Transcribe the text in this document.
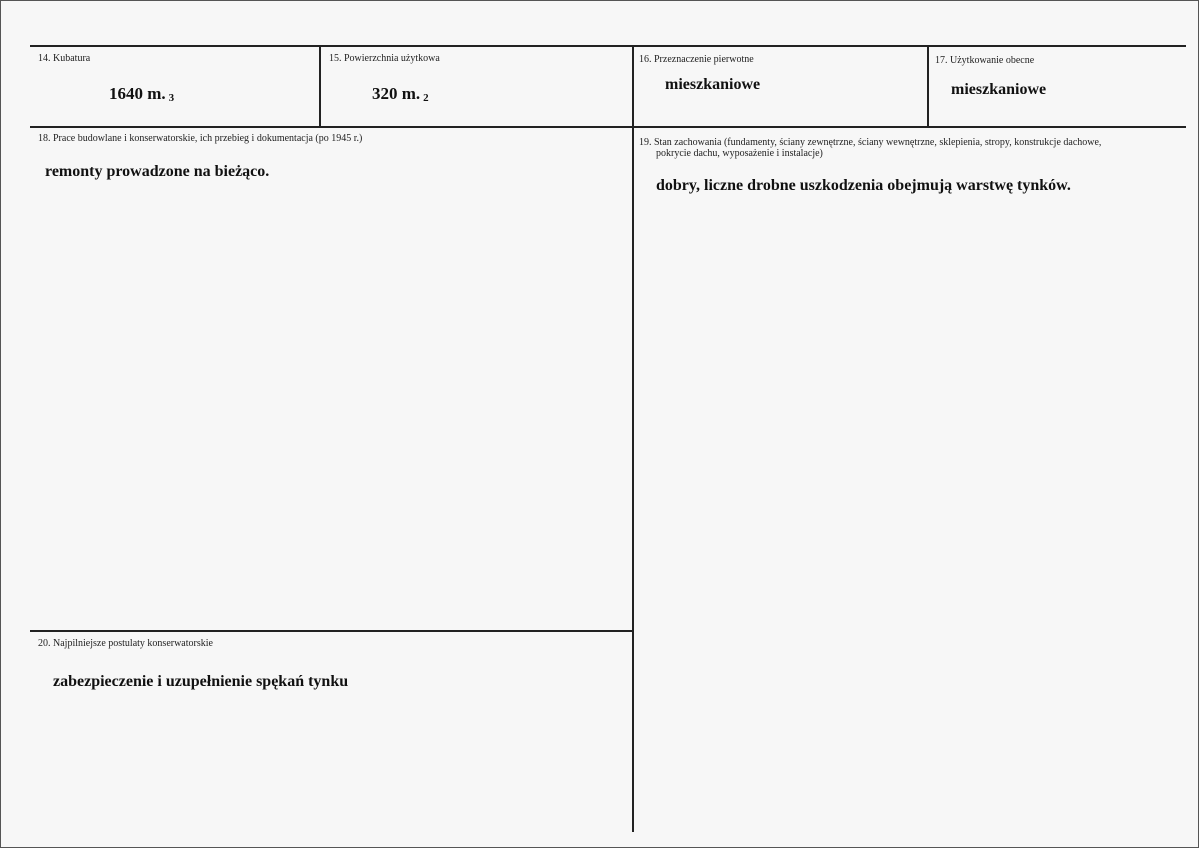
14. Kubatura
1640 m. 3
15. Powierzchnia użytkowa
320 m. 2
16. Przeznaczenie pierwotne
mieszkaniowe
17. Użytkowanie obecne
mieszkaniowe
18. Prace budowlane i konserwatorskie, ich przebieg i dokumentacja (po 1945 r.)
remonty prowadzone na bieżąco.
19. Stan zachowania (fundamenty, ściany zewnętrzne, ściany wewnętrzne, sklepienia, stropy, konstrukcje dachowe,
pokrycie dachu, wyposażenie i instalacje)
dobry, liczne drobne uszkodzenia obejmują warstwę tynków.
20. Najpilniejsze postulaty konserwatorskie
zabezpieczenie i uzupełnienie spękań tynku
